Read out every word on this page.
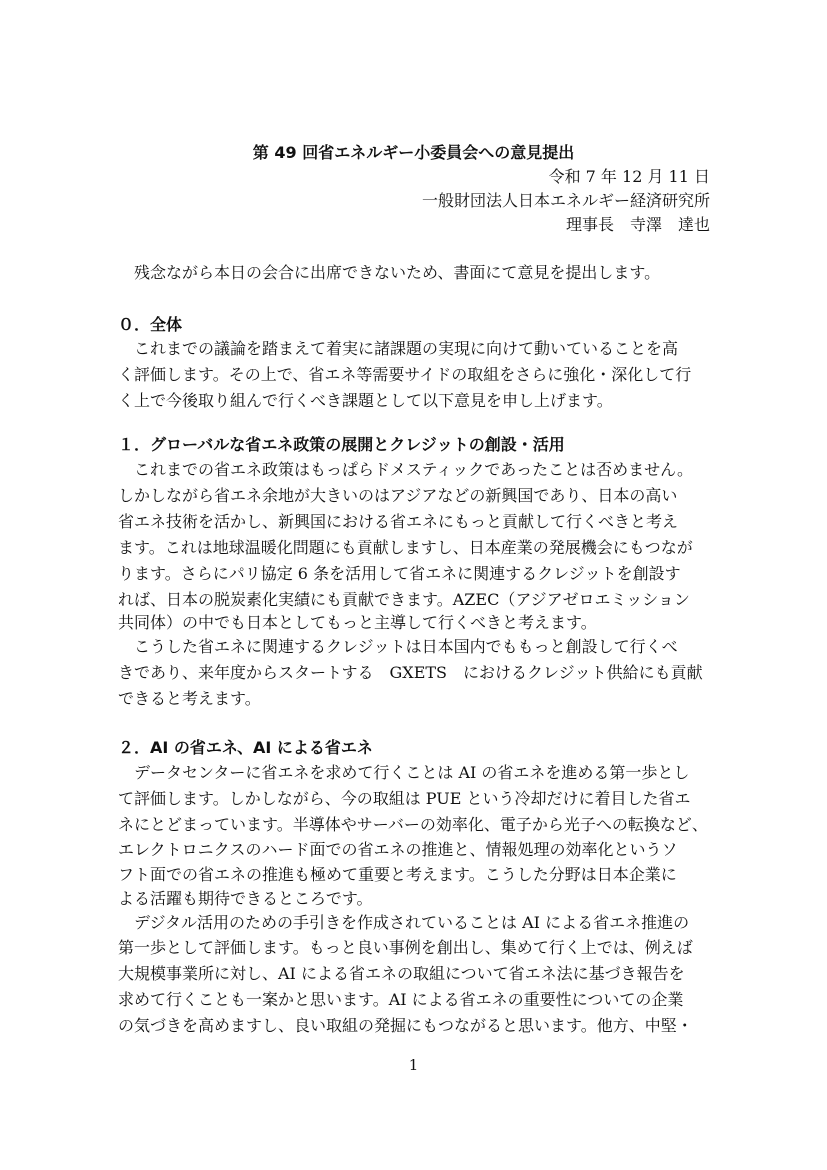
第 49 回省エネルギー小委員会への意見提出
令和 7 年 12 月 11 日
一般財団法人日本エネルギー経済研究所
理事長　寺澤　達也
　残念ながら本日の会合に出席できないため、書面にて意見を提出します。
０．全体
　これまでの議論を踏まえて着実に諸課題の実現に向けて動いていることを高
く評価します。その上で、省エネ等需要サイドの取組をさらに強化・深化して行
く上で今後取り組んで行くべき課題として以下意見を申し上げます。
１．グローバルな省エネ政策の展開とクレジットの創設・活用
　これまでの省エネ政策はもっぱらドメスティックであったことは否めません。
しかしながら省エネ余地が大きいのはアジアなどの新興国であり、日本の高い
省エネ技術を活かし、新興国における省エネにもっと貢献して行くべきと考え
ます。これは地球温暖化問題にも貢献しますし、日本産業の発展機会にもつなが
ります。さらにパリ協定 6 条を活用して省エネに関連するクレジットを創設す
れば、日本の脱炭素化実績にも貢献できます。AZEC（アジアゼロエミッション
共同体）の中でも日本としてもっと主導して行くべきと考えます。
　こうした省エネに関連するクレジットは日本国内でももっと創設して行くべ
きであり、来年度からスタートする　GXETS　におけるクレジット供給にも貢献
できると考えます。
２．AI の省エネ、AI による省エネ
　データセンターに省エネを求めて行くことは AI の省エネを進める第一歩とし
て評価します。しかしながら、今の取組は PUE という冷却だけに着目した省エ
ネにとどまっています。半導体やサーバーの効率化、電子から光子への転換など、
エレクトロニクスのハード面での省エネの推進と、情報処理の効率化というソ
フト面での省エネの推進も極めて重要と考えます。こうした分野は日本企業に
よる活躍も期待できるところです。
　デジタル活用のための手引きを作成されていることは AI による省エネ推進の
第一歩として評価します。もっと良い事例を創出し、集めて行く上では、例えば
大規模事業所に対し、AI による省エネの取組について省エネ法に基づき報告を
求めて行くことも一案かと思います。AI による省エネの重要性についての企業
の気づきを高めますし、良い取組の発掘にもつながると思います。他方、中堅・
1
